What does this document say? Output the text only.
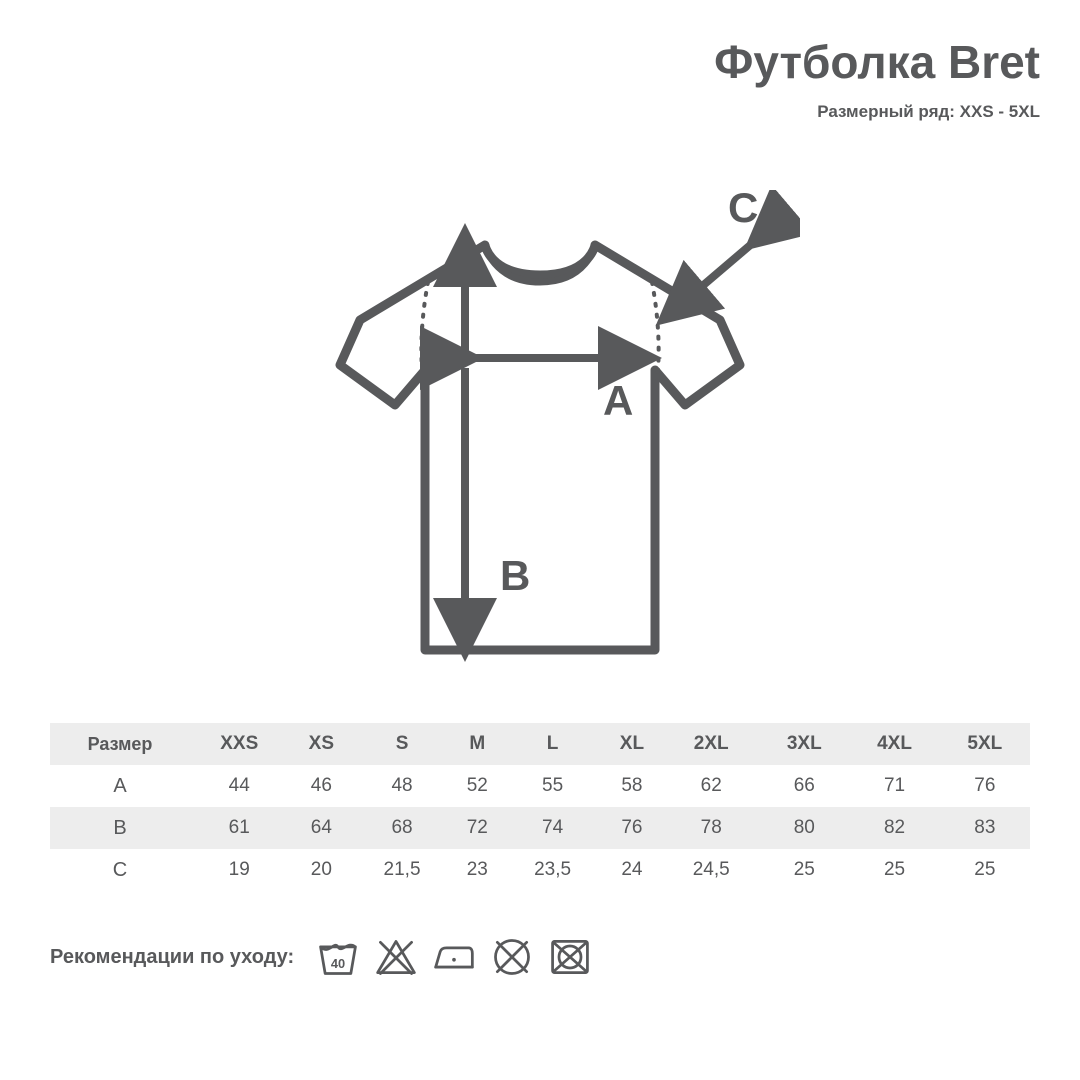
Футболка Bret
Размерный ряд: XXS - 5XL
A
B
C
Размер	XXS	XS	S	M	L	XL	2XL	3XL	4XL	5XL
A	44	46	48	52	55	58	62	66	71	76
B	61	64	68	72	74	76	78	80	82	83
C	19	20	21,5	23	23,5	24	24,5	25	25	25
Рекомендации по уходу:	40
